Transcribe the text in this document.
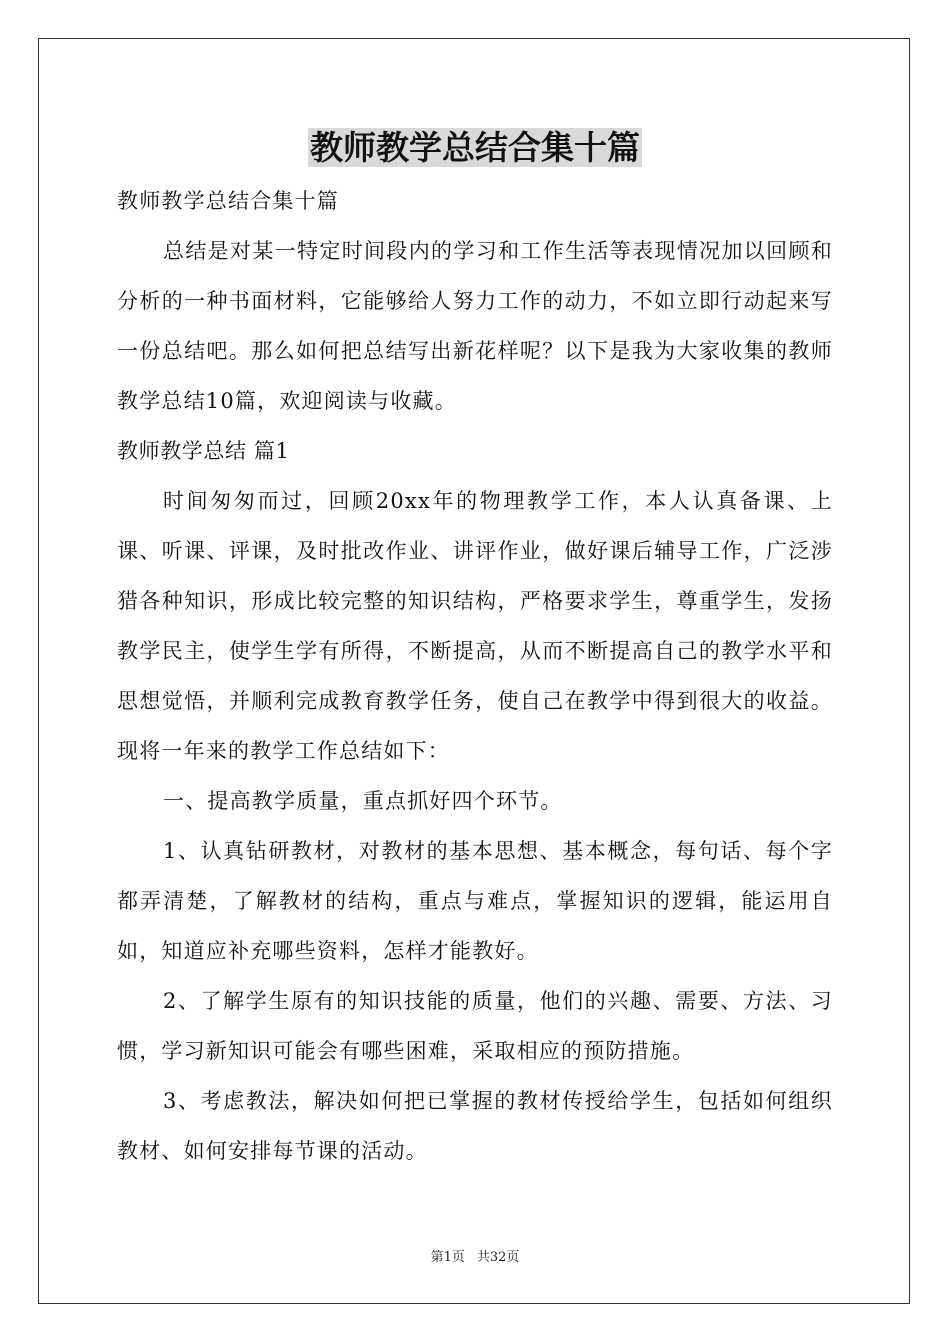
教师教学总结合集十篇

教师教学总结合集十篇

总结是对某一特定时间段内的学习和工作生活等表现情况加以回顾和分析的一种书面材料，它能够给人努力工作的动力，不如立即行动起来写一份总结吧。那么如何把总结写出新花样呢？以下是我为大家收集的教师教学总结10篇，欢迎阅读与收藏。

教师教学总结 篇1

时间匆匆而过，回顾20xx年的物理教学工作，本人认真备课、上课、听课、评课，及时批改作业、讲评作业，做好课后辅导工作，广泛涉猎各种知识，形成比较完整的知识结构，严格要求学生，尊重学生，发扬教学民主，使学生学有所得，不断提高，从而不断提高自己的教学水平和思想觉悟，并顺利完成教育教学任务，使自己在教学中得到很大的收益。现将一年来的教学工作总结如下：

一、提高教学质量，重点抓好四个环节。

1、认真钻研教材，对教材的基本思想、基本概念，每句话、每个字都弄清楚，了解教材的结构，重点与难点，掌握知识的逻辑，能运用自如，知道应补充哪些资料，怎样才能教好。

2、了解学生原有的知识技能的质量，他们的兴趣、需要、方法、习惯，学习新知识可能会有哪些困难，采取相应的预防措施。

3、考虑教法，解决如何把已掌握的教材传授给学生，包括如何组织教材、如何安排每节课的活动。

第1页 共32页
